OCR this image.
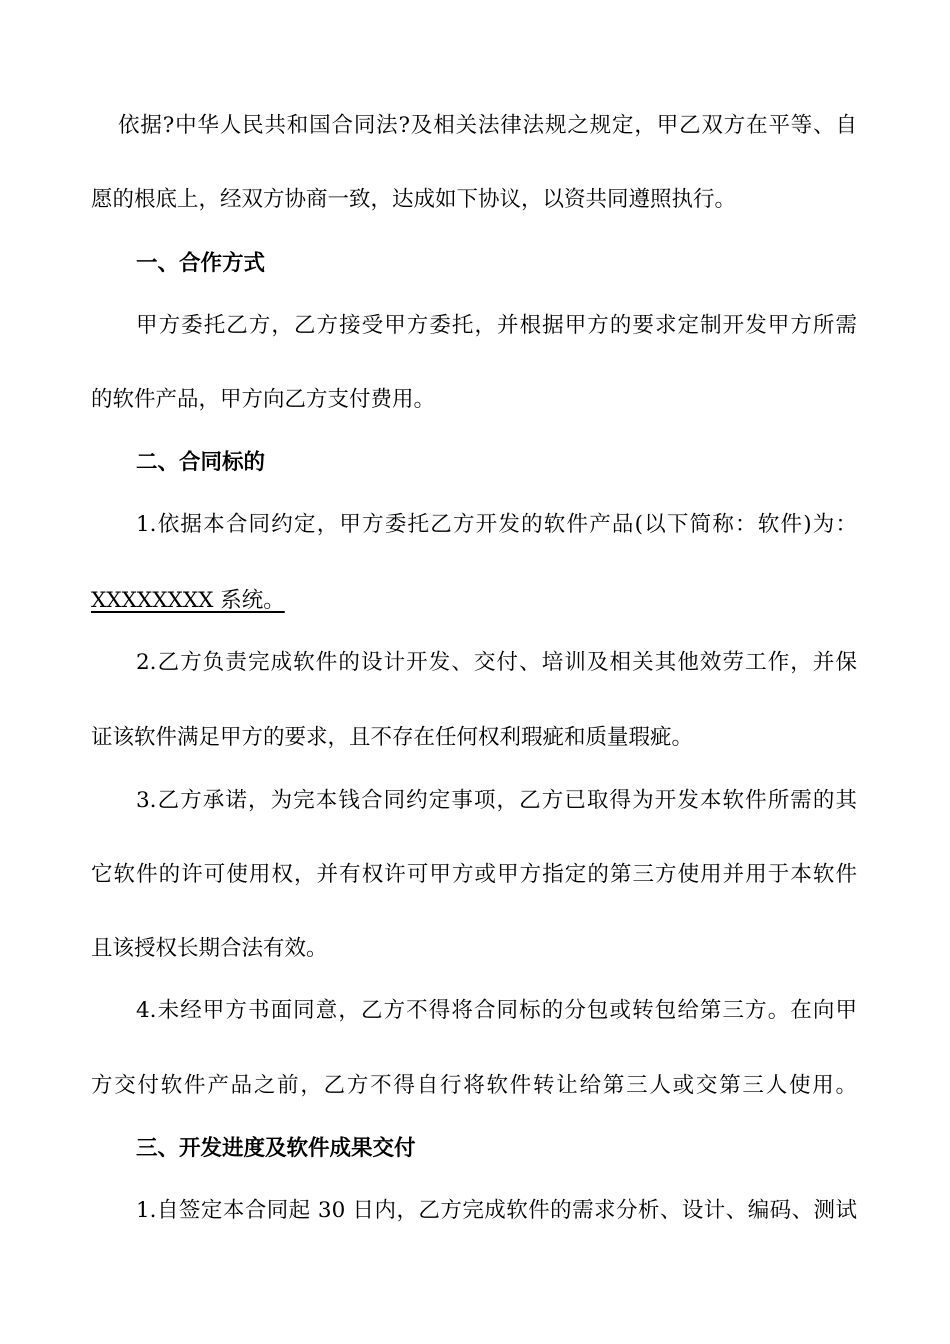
依据?中华人民共和国合同法?及相关法律法规之规定，甲乙双方在平等、自

愿的根底上，经双方协商一致，达成如下协议，以资共同遵照执行。

一、合作方式

甲方委托乙方，乙方接受甲方委托，并根据甲方的要求定制开发甲方所需

的软件产品，甲方向乙方支付费用。

二、合同标的

1.依据本合同约定，甲方委托乙方开发的软件产品(以下简称：软件)为：

XXXXXXXX 系统。

2.乙方负责完成软件的设计开发、交付、培训及相关其他效劳工作，并保

证该软件满足甲方的要求，且不存在任何权利瑕疵和质量瑕疵。

3.乙方承诺，为完本钱合同约定事项，乙方已取得为开发本软件所需的其

它软件的许可使用权，并有权许可甲方或甲方指定的第三方使用并用于本软件

且该授权长期合法有效。

4.未经甲方书面同意，乙方不得将合同标的分包或转包给第三方。在向甲

方交付软件产品之前，乙方不得自行将软件转让给第三人或交第三人使用。

三、开发进度及软件成果交付

1.自签定本合同起 30 日内，乙方完成软件的需求分析、设计、编码、测试
